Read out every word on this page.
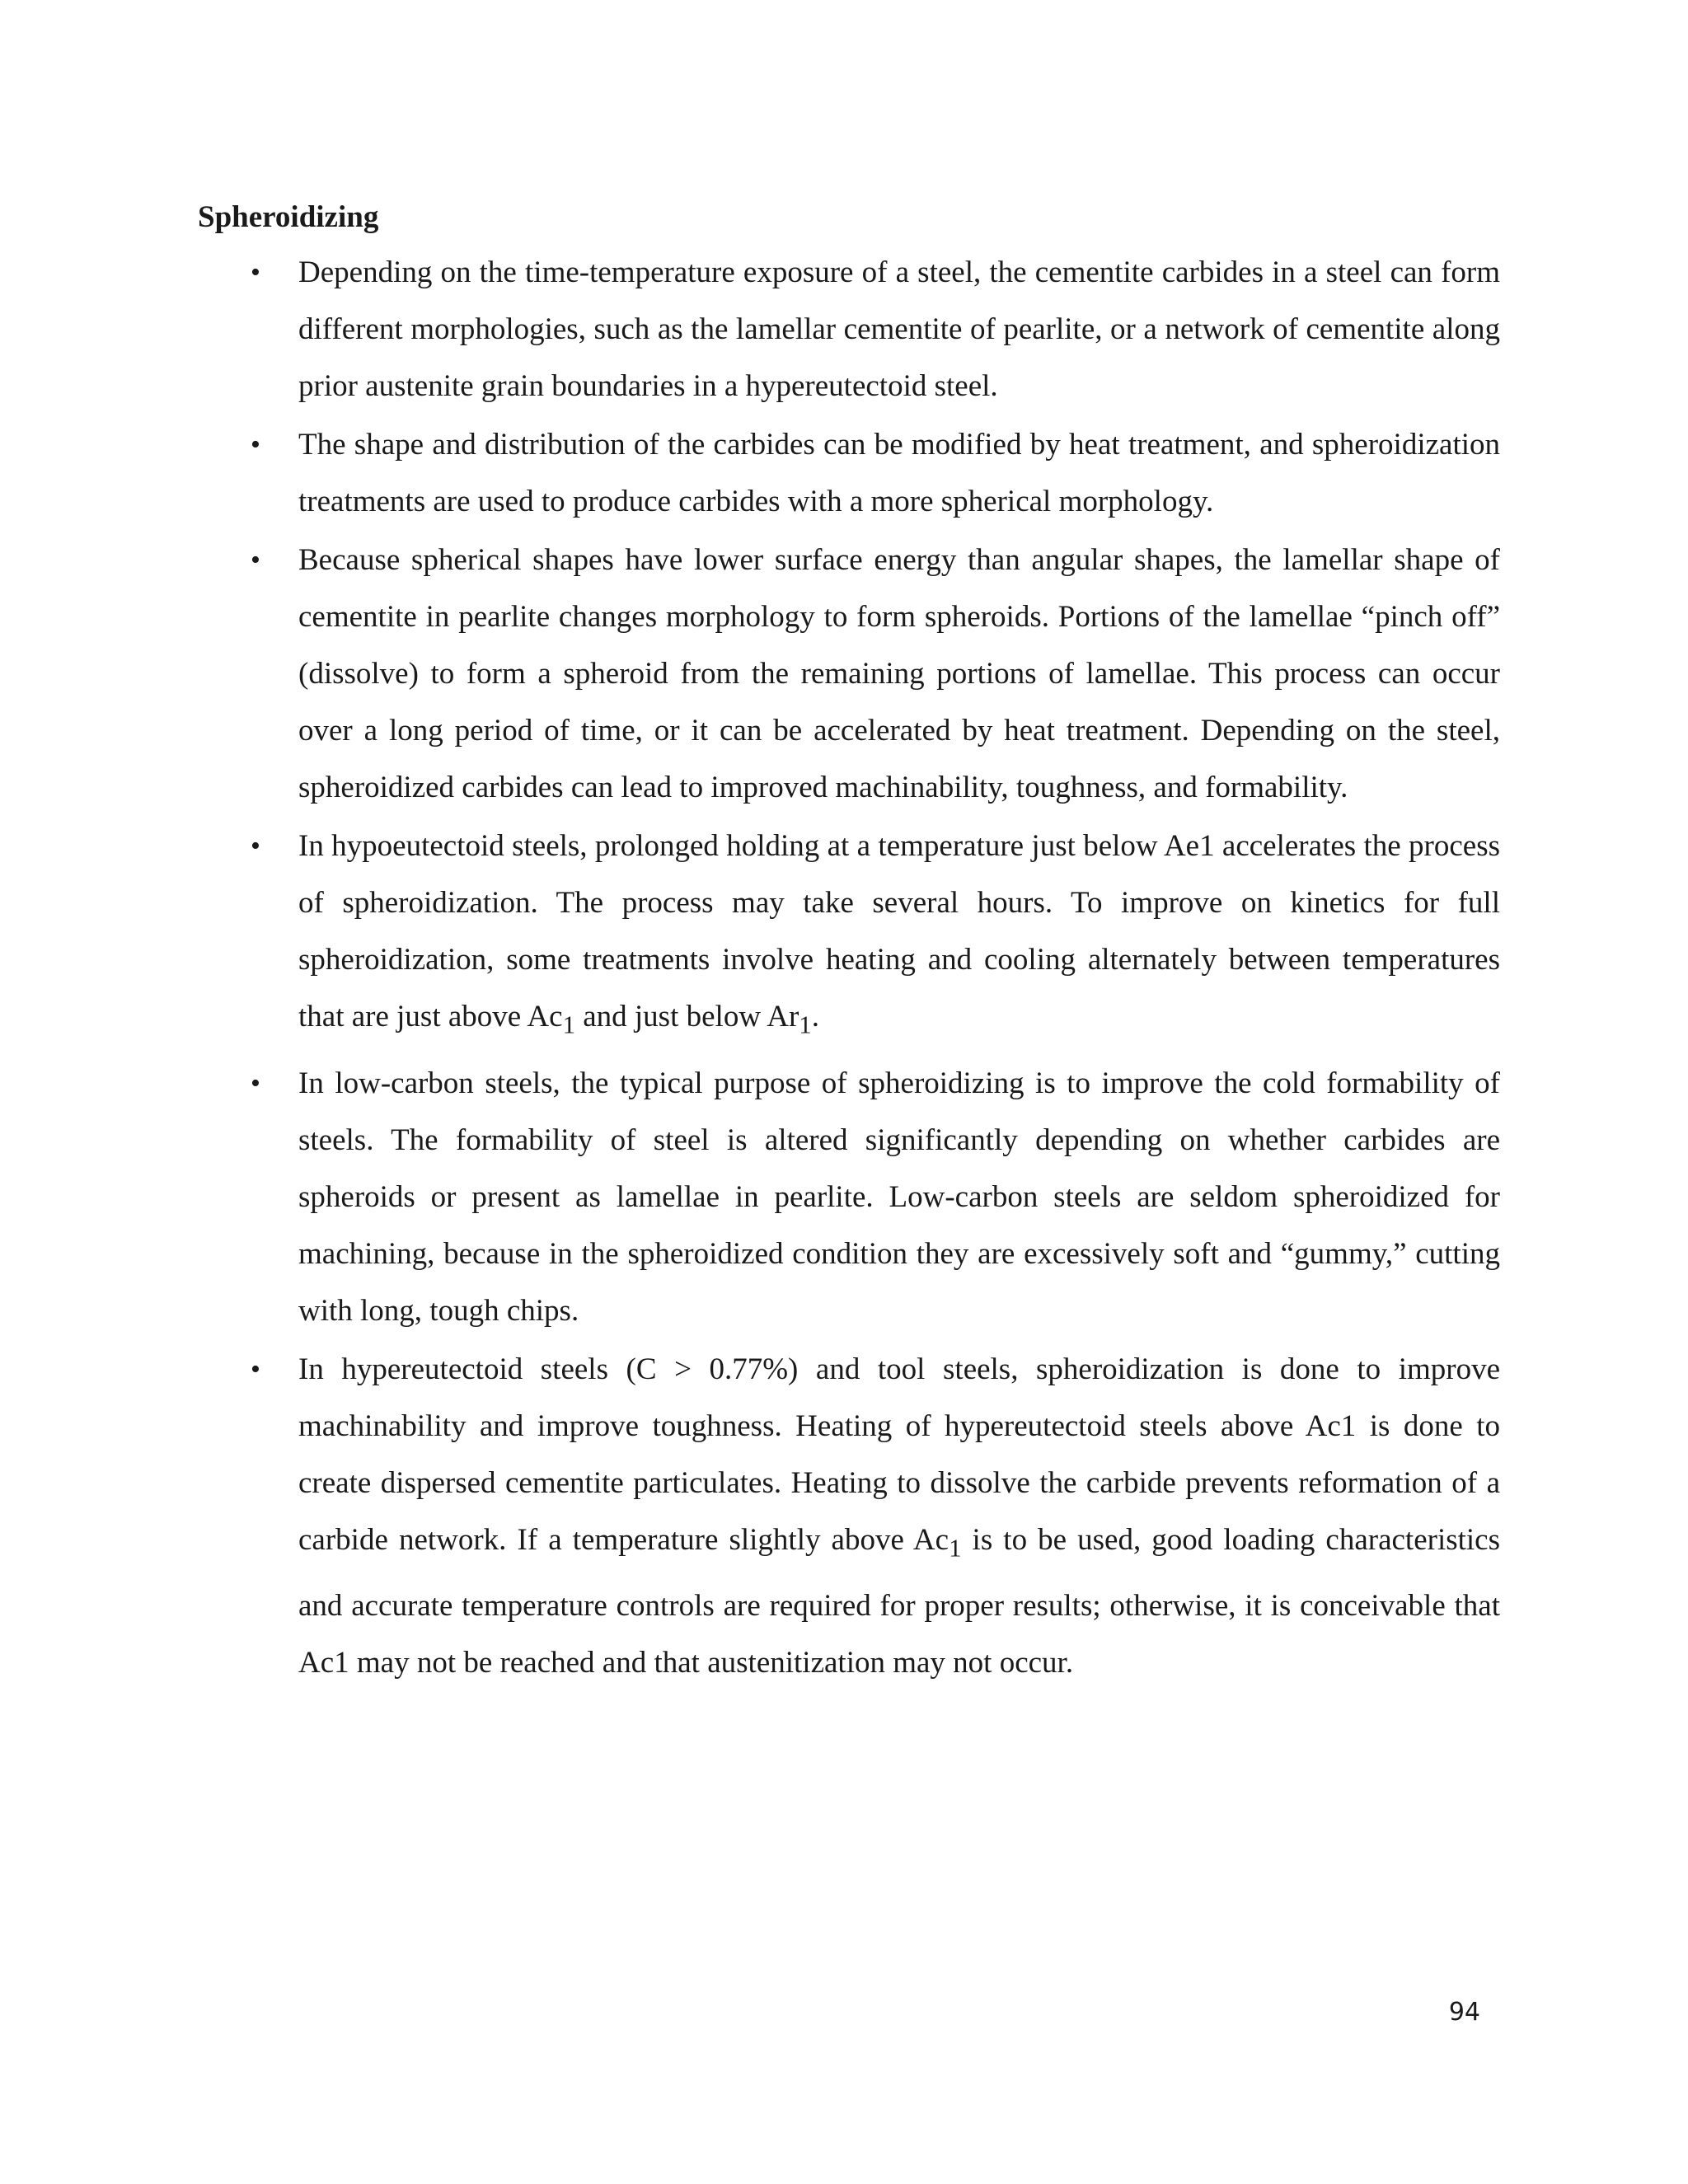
Spheroidizing
• Depending on the time-temperature exposure of a steel, the cementite carbides in a steel can form different morphologies, such as the lamellar cementite of pearlite, or a network of cementite along prior austenite grain boundaries in a hypereutectoid steel.
• The shape and distribution of the carbides can be modified by heat treatment, and spheroidization treatments are used to produce carbides with a more spherical morphology.
• Because spherical shapes have lower surface energy than angular shapes, the lamellar shape of cementite in pearlite changes morphology to form spheroids. Portions of the lamellae “pinch off” (dissolve) to form a spheroid from the remaining portions of lamellae. This process can occur over a long period of time, or it can be accelerated by heat treatment. Depending on the steel, spheroidized carbides can lead to improved machinability, toughness, and formability.
• In hypoeutectoid steels, prolonged holding at a temperature just below Ae1 accelerates the process of spheroidization. The process may take several hours. To improve on kinetics for full spheroidization, some treatments involve heating and cooling alternately between temperatures that are just above $Ac_1$ and just below $Ar_1$.
• In low-carbon steels, the typical purpose of spheroidizing is to improve the cold formability of steels. The formability of steel is altered significantly depending on whether carbides are spheroids or present as lamellae in pearlite. Low-carbon steels are seldom spheroidized for machining, because in the spheroidized condition they are excessively soft and “gummy,” cutting with long, tough chips.
• In hypereutectoid steels (C > 0.77%) and tool steels, spheroidization is done to improve machinability and improve toughness. Heating of hypereutectoid steels above Ac1 is done to create dispersed cementite particulates. Heating to dissolve the carbide prevents reformation of a carbide network. If a temperature slightly above $Ac_1$ is to be used, good loading characteristics and accurate temperature controls are required for proper results; otherwise, it is conceivable that Ac1 may not be reached and that austenitization may not occur.
94
